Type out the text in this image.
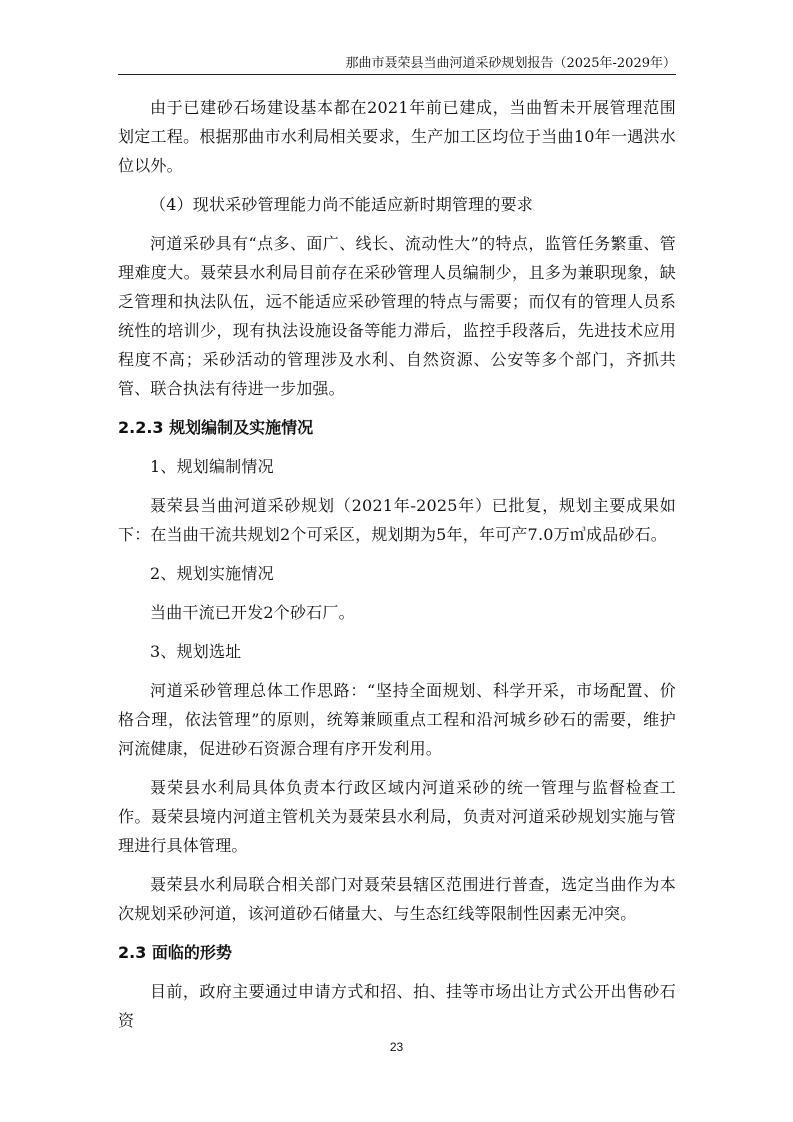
那曲市聂荣县当曲河道采砂规划报告（2025年-2029年）

由于已建砂石场建设基本都在2021年前已建成，当曲暂未开展管理范围划定工程。根据那曲市水利局相关要求，生产加工区均位于当曲10年一遇洪水位以外。

（4）现状采砂管理能力尚不能适应新时期管理的要求

河道采砂具有“点多、面广、线长、流动性大”的特点，监管任务繁重、管理难度大。聂荣县水利局目前存在采砂管理人员编制少，且多为兼职现象，缺乏管理和执法队伍，远不能适应采砂管理的特点与需要；而仅有的管理人员系统性的培训少，现有执法设施设备等能力滞后，监控手段落后，先进技术应用程度不高；采砂活动的管理涉及水利、自然资源、公安等多个部门，齐抓共管、联合执法有待进一步加强。

2.2.3 规划编制及实施情况

1、规划编制情况

聂荣县当曲河道采砂规划（2021年-2025年）已批复，规划主要成果如下：在当曲干流共规划2个可采区，规划期为5年，年可产7.0万㎥成品砂石。

2、规划实施情况

当曲干流已开发2个砂石厂。

3、规划选址

河道采砂管理总体工作思路：“坚持全面规划、科学开采，市场配置、价格合理，依法管理”的原则，统筹兼顾重点工程和沿河城乡砂石的需要，维护河流健康，促进砂石资源合理有序开发利用。

聂荣县水利局具体负责本行政区域内河道采砂的统一管理与监督检查工作。聂荣县境内河道主管机关为聂荣县水利局，负责对河道采砂规划实施与管理进行具体管理。

聂荣县水利局联合相关部门对聂荣县辖区范围进行普查，选定当曲作为本次规划采砂河道，该河道砂石储量大、与生态红线等限制性因素无冲突。

2.3 面临的形势

目前，政府主要通过申请方式和招、拍、挂等市场出让方式公开出售砂石资

23
